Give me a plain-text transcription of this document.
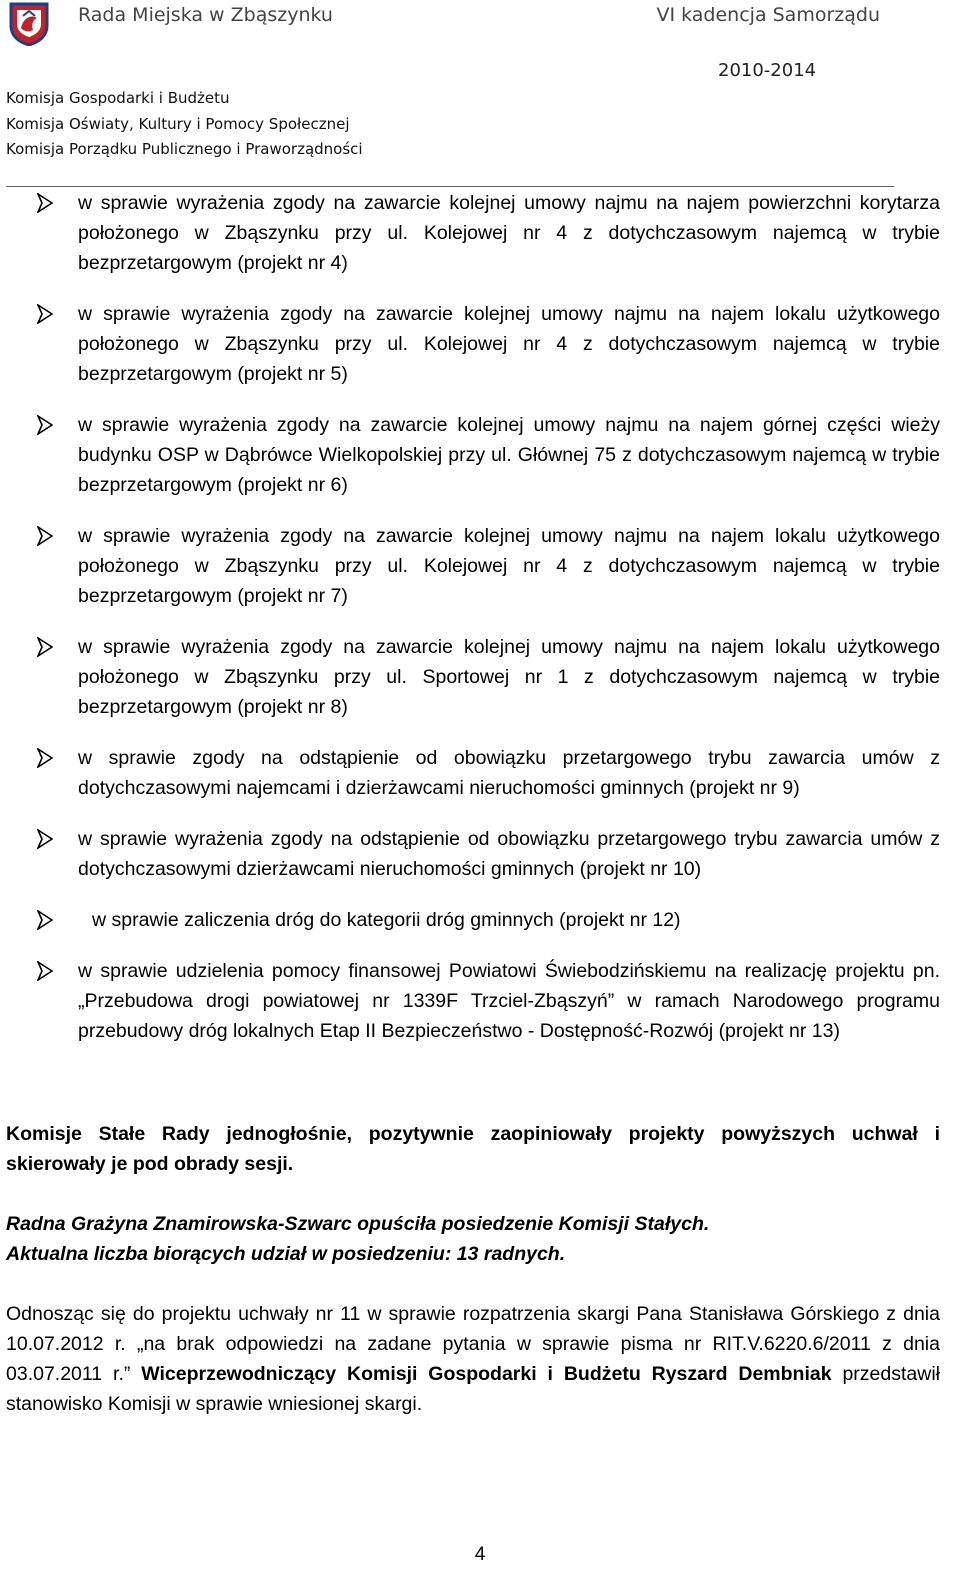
Rada Miejska w Zbąszynku	VI kadencja Samorządu
2010-2014
Komisja Gospodarki i Budżetu
Komisja Oświaty, Kultury i Pomocy Społecznej
Komisja Porządku Publicznego i Praworządności
w sprawie wyrażenia zgody na zawarcie kolejnej umowy najmu na najem powierzchni korytarza położonego w Zbąszynku przy ul. Kolejowej nr 4 z dotychczasowym najemcą w trybie bezprzetargowym (projekt nr 4)
w sprawie wyrażenia zgody na zawarcie kolejnej umowy najmu na najem lokalu użytkowego położonego w Zbąszynku przy ul. Kolejowej nr 4 z dotychczasowym najemcą w trybie bezprzetargowym (projekt nr 5)
w sprawie wyrażenia zgody na zawarcie kolejnej umowy najmu na najem górnej części wieży budynku OSP w Dąbrówce Wielkopolskiej przy ul. Głównej 75 z dotychczasowym najemcą w trybie bezprzetargowym (projekt nr 6)
w sprawie wyrażenia zgody na zawarcie kolejnej umowy najmu na najem lokalu użytkowego położonego w Zbąszynku przy ul. Kolejowej nr 4 z dotychczasowym najemcą w trybie bezprzetargowym (projekt nr 7)
w sprawie wyrażenia zgody na zawarcie kolejnej umowy najmu na najem lokalu użytkowego położonego w Zbąszynku przy ul. Sportowej nr 1 z dotychczasowym najemcą w trybie bezprzetargowym (projekt nr 8)
w sprawie zgody na odstąpienie od obowiązku przetargowego trybu zawarcia umów z dotychczasowymi najemcami i dzierżawcami nieruchomości gminnych (projekt nr 9)
w sprawie wyrażenia zgody na odstąpienie od obowiązku przetargowego trybu zawarcia umów z dotychczasowymi dzierżawcami nieruchomości gminnych (projekt nr 10)
w sprawie zaliczenia dróg do kategorii dróg gminnych (projekt nr 12)
w sprawie udzielenia pomocy finansowej Powiatowi Świebodzińskiemu na realizację projektu pn. „Przebudowa drogi powiatowej nr 1339F Trzciel-Zbąszyń” w ramach Narodowego programu przebudowy dróg lokalnych Etap II Bezpieczeństwo - Dostępność-Rozwój (projekt nr 13)

Komisje Stałe Rady jednogłośnie, pozytywnie zaopiniowały projekty powyższych uchwał i skierowały je pod obrady sesji.

Radna Grażyna Znamirowska-Szwarc opuściła posiedzenie Komisji Stałych.

Aktualna liczba biorących udział w posiedzeniu: 13 radnych.

Odnosząc się do projektu uchwały nr 11 w sprawie rozpatrzenia skargi Pana Stanisława Górskiego z dnia 10.07.2012 r. „na brak odpowiedzi na zadane pytania w sprawie pisma nr RIT.V.6220.6/2011 z dnia 03.07.2011 r.” Wiceprzewodniczący Komisji Gospodarki i Budżetu Ryszard Dembniak przedstawił stanowisko Komisji w sprawie wniesionej skargi.

4
